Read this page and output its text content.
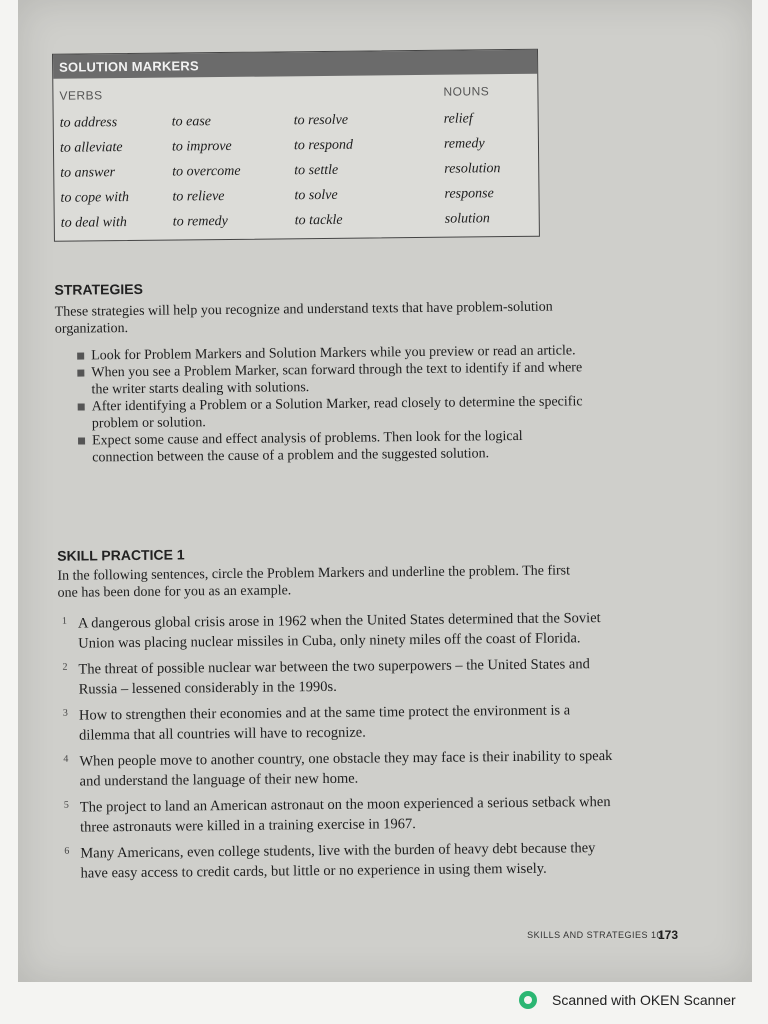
SOLUTION MARKERS
VERBS	NOUNS
to address
to alleviate
to answer
to cope with
to deal with
to ease
to improve
to overcome
to relieve
to remedy
to resolve
to respond
to settle
to solve
to tackle
relief
remedy
resolution
response
solution
STRATEGIES

These strategies will help you recognize and understand texts that have problem-solution organization.

Look for Problem Markers and Solution Markers while you preview or read an article.
When you see a Problem Marker, scan forward through the text to identify if and where the writer starts dealing with solutions.
After identifying a Problem or a Solution Marker, read closely to determine the specific problem or solution.
Expect some cause and effect analysis of problems. Then look for the logical connection between the cause of a problem and the suggested solution.
SKILL PRACTICE 1

In the following sentences, circle the Problem Markers and underline the problem. The first one has been done for you as an example.

1 A dangerous global crisis arose in 1962 when the United States determined that the Soviet Union was placing nuclear missiles in Cuba, only ninety miles off the coast of Florida.
2 The threat of possible nuclear war between the two superpowers – the United States and Russia – lessened considerably in the 1990s.
3 How to strengthen their economies and at the same time protect the environment is a dilemma that all countries will have to recognize.
4 When people move to another country, one obstacle they may face is their inability to speak and understand the language of their new home.
5 The project to land an American astronaut on the moon experienced a serious setback when three astronauts were killed in a training exercise in 1967.
6 Many Americans, even college students, live with the burden of heavy debt because they have easy access to credit cards, but little or no experience in using them wisely.
SKILLS AND STRATEGIES 10
173
Scanned with OKEN Scanner
